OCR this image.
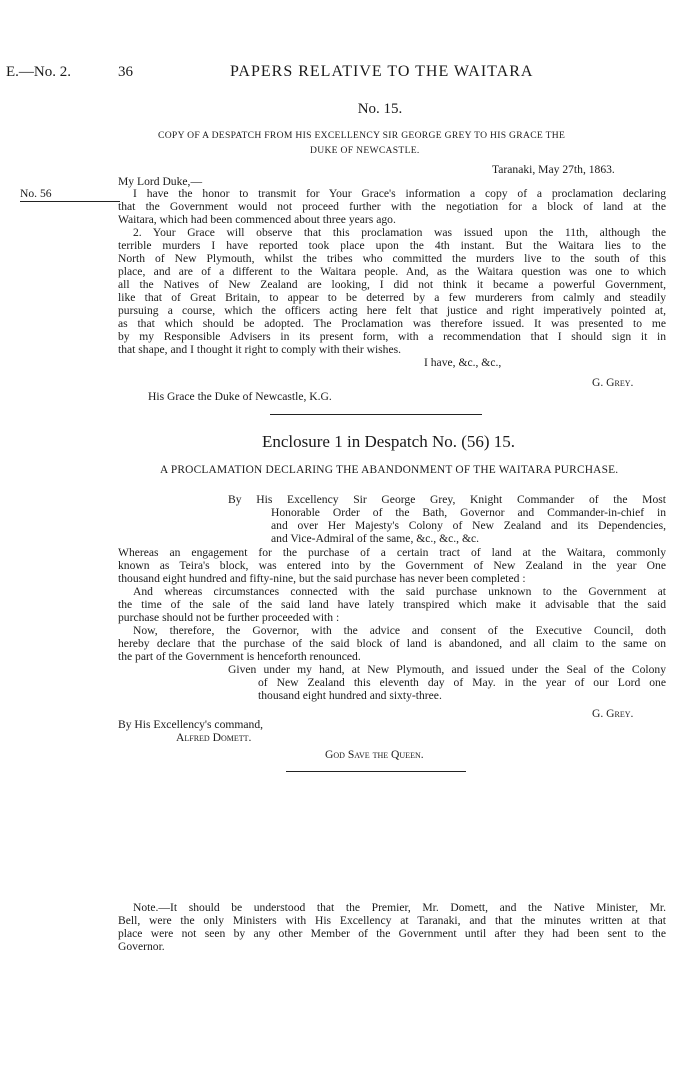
E.—No. 2.	36	PAPERS RELATIVE TO THE WAITARA
No. 15.
COPY OF A DESPATCH FROM HIS EXCELLENCY SIR GEORGE GREY TO HIS GRACE THE
DUKE OF NEWCASTLE.
Taranaki, May 27th, 1863.
My Lord Duke,—
No. 56	I have the honor to transmit for Your Grace's information a copy of a proclamation declaring
that the Government would not proceed further with the negotiation for a block of land at the
Waitara, which had been commenced about three years ago.
2. Your Grace will observe that this proclamation was issued upon the 11th, although the
terrible murders I have reported took place upon the 4th instant. But the Waitara lies to the
North of New Plymouth, whilst the tribes who committed the murders live to the south of this
place, and are of a different to the Waitara people. And, as the Waitara question was one to which
all the Natives of New Zealand are looking, I did not think it became a powerful Government,
like that of Great Britain, to appear to be deterred by a few murderers from calmly and steadily
pursuing a course, which the officers acting here felt that justice and right imperatively pointed at,
as that which should be adopted. The Proclamation was therefore issued. It was presented to me
by my Responsible Advisers in its present form, with a recommendation that I should sign it in
that shape, and I thought it right to comply with their wishes.
I have, &c., &c.,
G. Grey.
His Grace the Duke of Newcastle, K.G.
Enclosure 1 in Despatch No. (56) 15.
A PROCLAMATION DECLARING THE ABANDONMENT OF THE WAITARA PURCHASE.
By His Excellency Sir George Grey, Knight Commander of the Most
Honorable Order of the Bath, Governor and Commander-in-chief in
and over Her Majesty's Colony of New Zealand and its Dependencies,
and Vice-Admiral of the same, &c., &c., &c.
Whereas an engagement for the purchase of a certain tract of land at the Waitara, commonly
known as Teira's block, was entered into by the Government of New Zealand in the year One
thousand eight hundred and fifty-nine, but the said purchase has never been completed :
And whereas circumstances connected with the said purchase unknown to the Government at
the time of the sale of the said land have lately transpired which make it advisable that the said
purchase should not be further proceeded with :
Now, therefore, the Governor, with the advice and consent of the Executive Council, doth
hereby declare that the purchase of the said block of land is abandoned, and all claim to the same on
the part of the Government is henceforth renounced.
Given under my hand, at New Plymouth, and issued under the Seal of the Colony
of New Zealand this eleventh day of May. in the year of our Lord one
thousand eight hundred and sixty-three.
G. Grey.
By His Excellency's command,
Alfred Domett.
God Save the Queen.
Note.—It should be understood that the Premier, Mr. Domett, and the Native Minister, Mr.
Bell, were the only Ministers with His Excellency at Taranaki, and that the minutes written at that
place were not seen by any other Member of the Government until after they had been sent to the
Governor.
